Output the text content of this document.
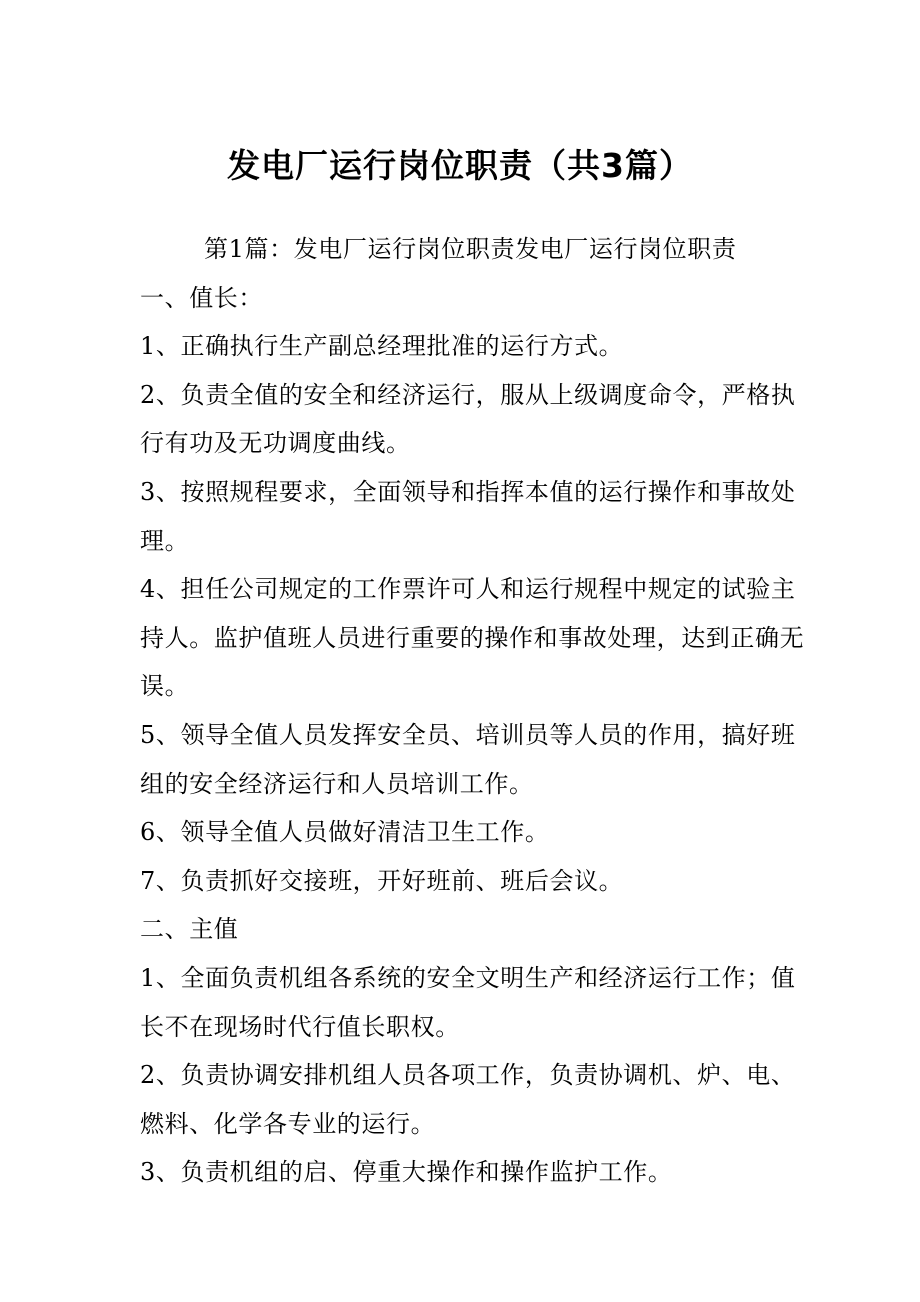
发电厂运行岗位职责（共3篇）

第1篇：发电厂运行岗位职责发电厂运行岗位职责

一、值长：

1、正确执行生产副总经理批准的运行方式。

2、负责全值的安全和经济运行，服从上级调度命令，严格执行有功及无功调度曲线。

3、按照规程要求，全面领导和指挥本值的运行操作和事故处理。

4、担任公司规定的工作票许可人和运行规程中规定的试验主持人。监护值班人员进行重要的操作和事故处理，达到正确无误。

5、领导全值人员发挥安全员、培训员等人员的作用，搞好班组的安全经济运行和人员培训工作。

6、领导全值人员做好清洁卫生工作。

7、负责抓好交接班，开好班前、班后会议。

二、主值

1、全面负责机组各系统的安全文明生产和经济运行工作；值长不在现场时代行值长职权。

2、负责协调安排机组人员各项工作，负责协调机、炉、电、燃料、化学各专业的运行。

3、负责机组的启、停重大操作和操作监护工作。
